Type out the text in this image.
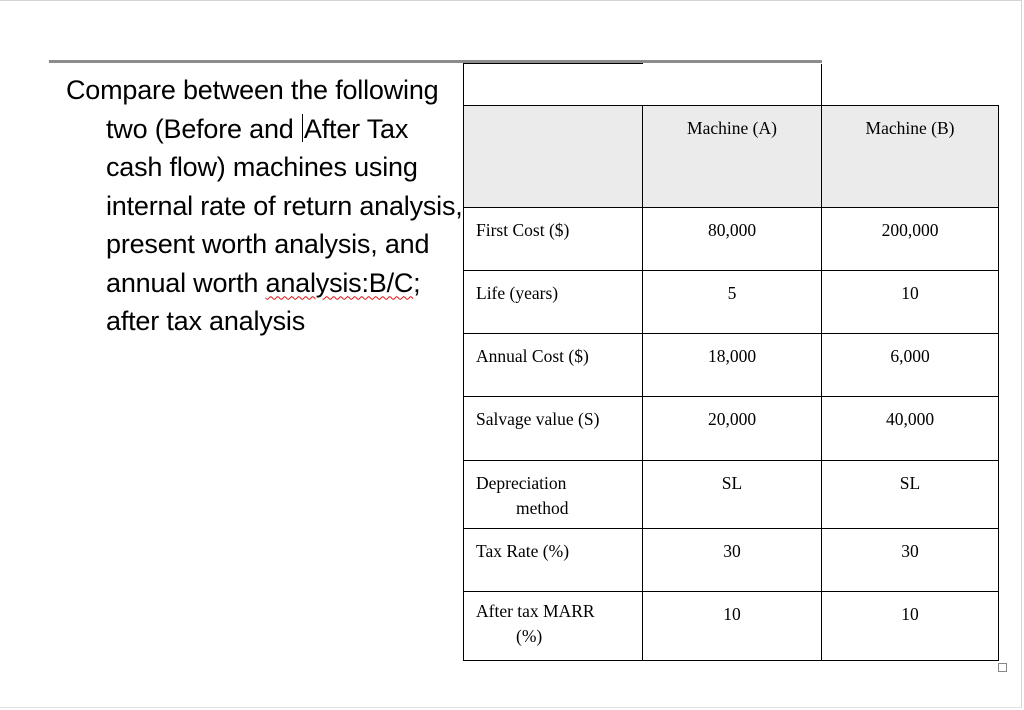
Compare between the following two (Before and After Tax cash flow) machines using internal rate of return analysis, present worth analysis, and annual worth analysis:B/C; after tax analysis

	Machine (A)	Machine (B)
First Cost ($)	80,000	200,000
Life (years)	5	10
Annual Cost ($)	18,000	6,000
Salvage value (S)	20,000	40,000

Depreciation
method	SL	SL
Tax Rate (%)	30	30

After tax MARR
(%)	10	10
